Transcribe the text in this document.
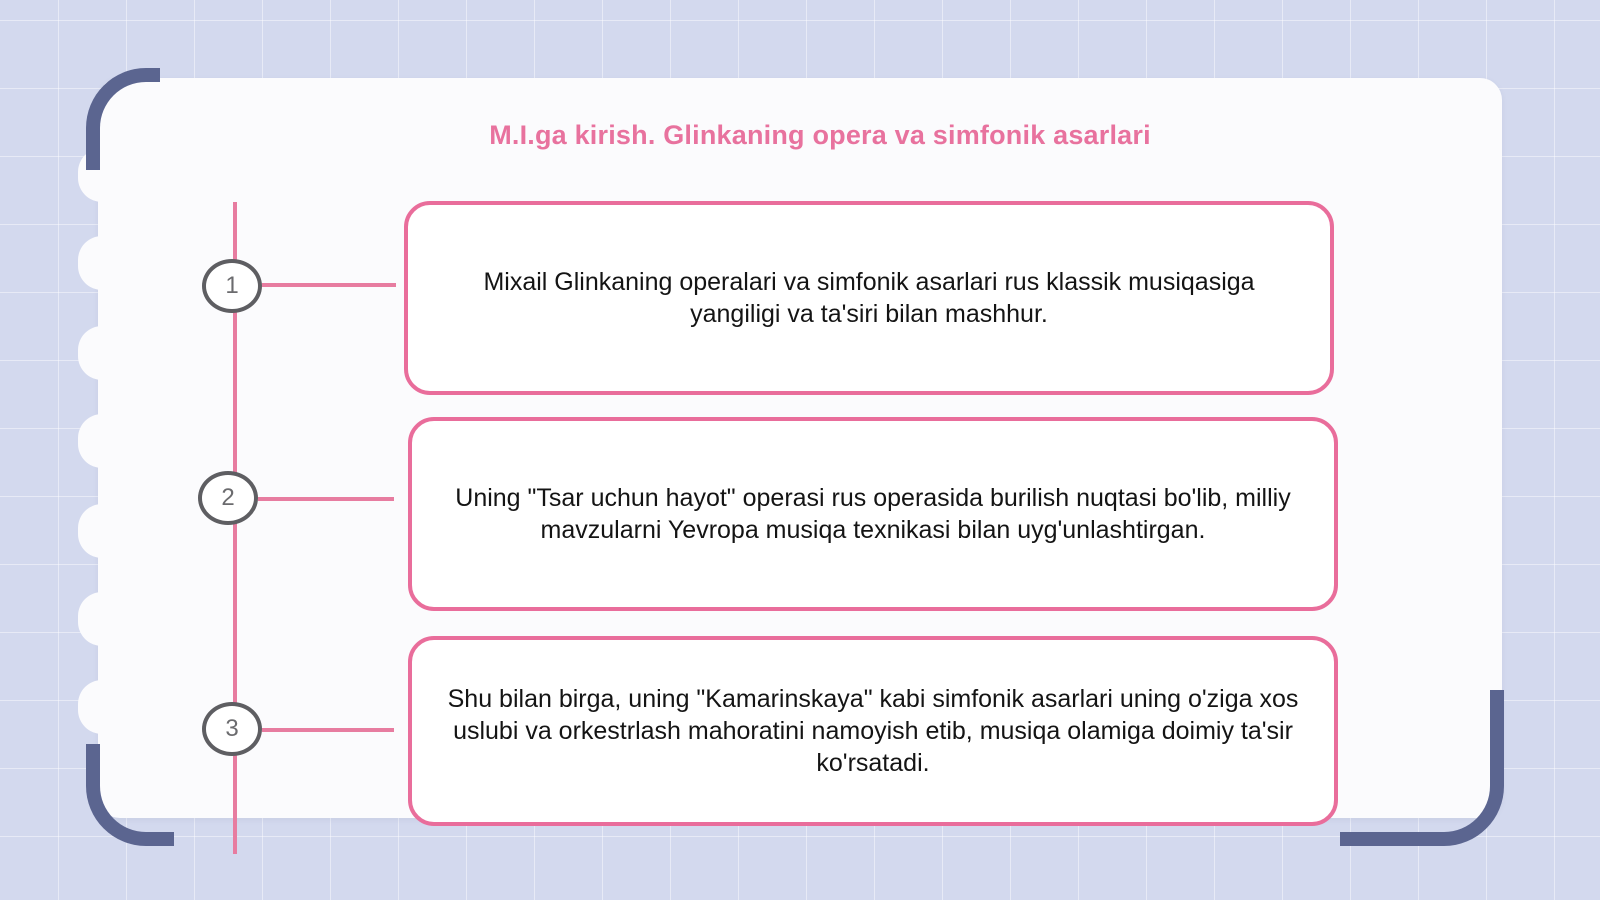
M.I.ga kirish. Glinkaning opera va simfonik asarlari
1	Mixail Glinkaning operalari va simfonik asarlari rus klassik musiqasiga yangiligi va ta'siri bilan mashhur.
2	Uning "Tsar uchun hayot" operasi rus operasida burilish nuqtasi bo'lib, milliy mavzularni Yevropa musiqa texnikasi bilan uyg'unlashtirgan.
3
Shu bilan birga, uning "Kamarinskaya" kabi simfonik asarlari uning o'ziga xos uslubi va orkestrlash mahoratini namoyish etib, musiqa olamiga doimiy ta'sir ko'rsatadi.
